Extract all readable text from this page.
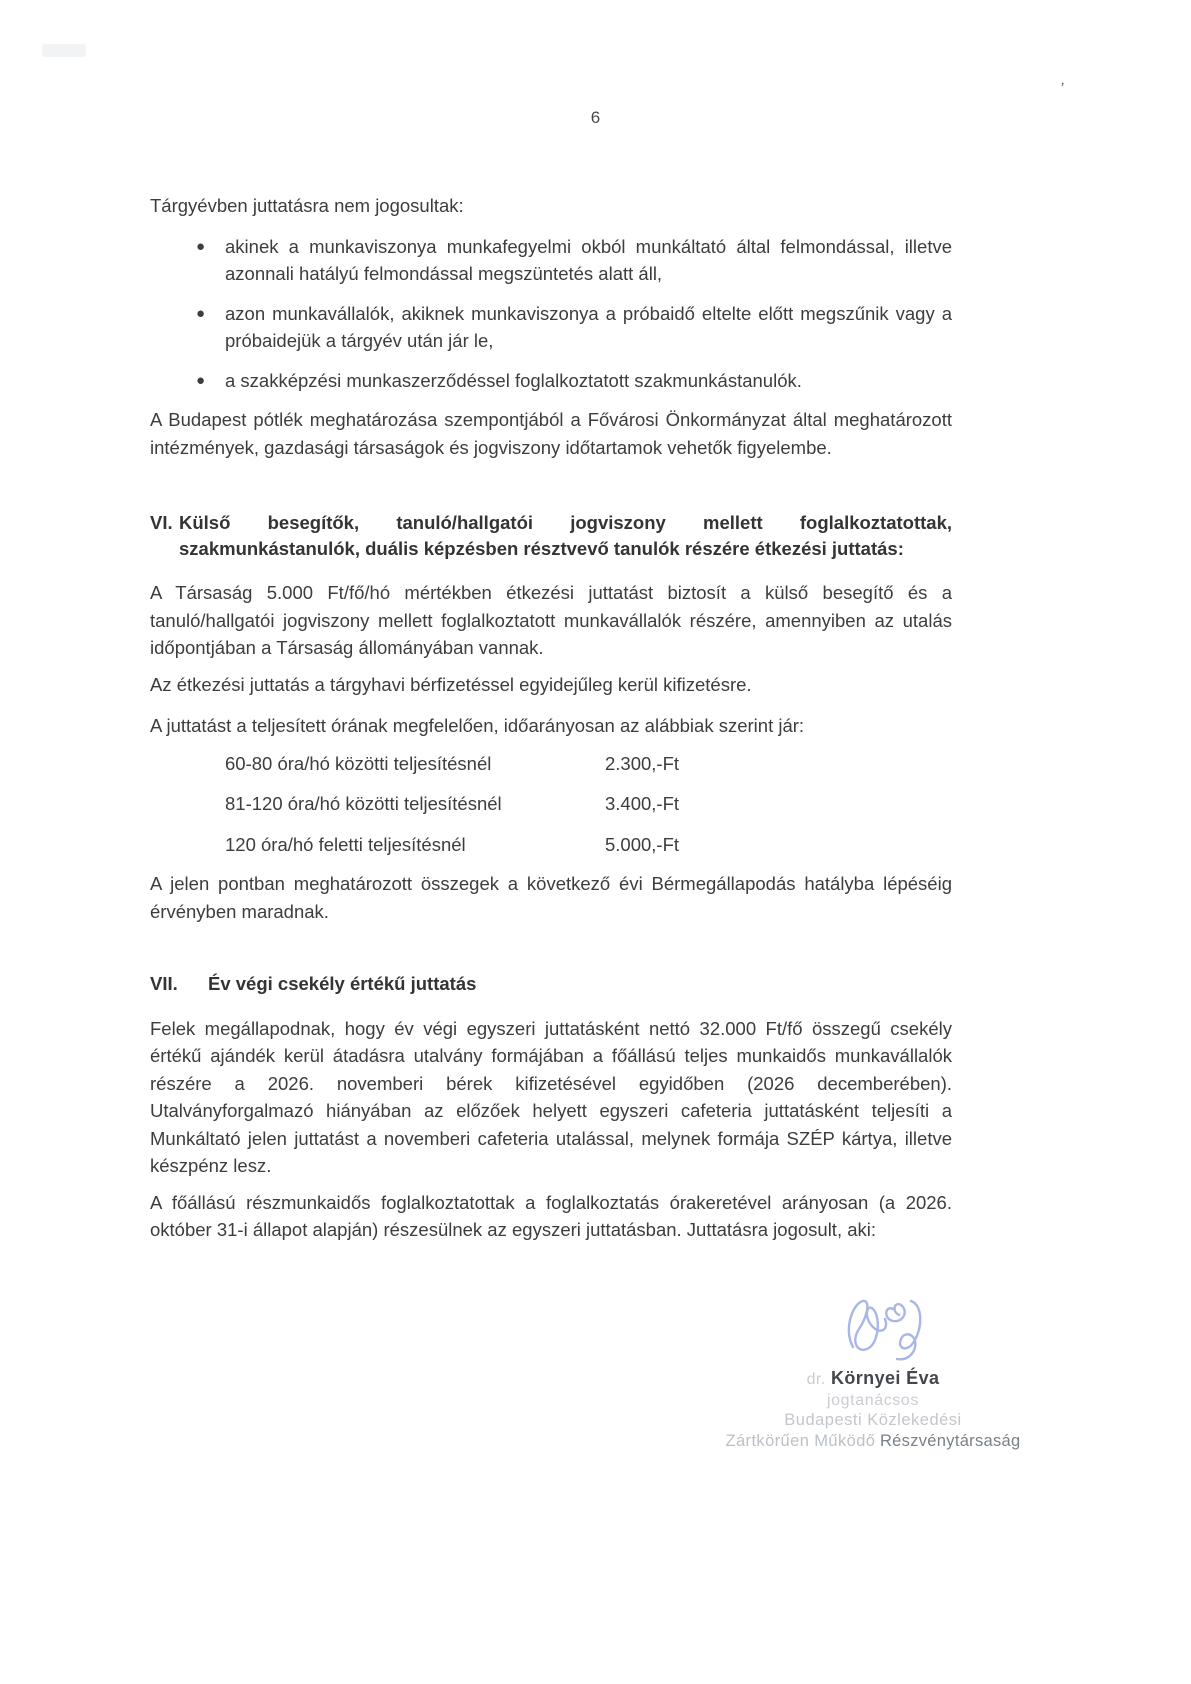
6
’

Tárgyévben juttatásra nem jogosultak:

● akinek a munkaviszonya munkafegyelmi okból munkáltató által felmondással, illetve azonnali hatályú felmondással megszüntetés alatt áll,
● azon munkavállalók, akiknek munkaviszonya a próbaidő eltelte előtt megszűnik vagy a próbaidejük a tárgyév után jár le,
● a szakképzési munkaszerződéssel foglalkoztatott szakmunkástanulók.

A Budapest pótlék meghatározása szempontjából a Fővárosi Önkormányzat által meghatározott intézmények, gazdasági társaságok és jogviszony időtartamok vehetők figyelembe.

VI. Külső besegítők, tanuló/hallgatói jogviszony mellett foglalkoztatottak,
szakmunkástanulók, duális képzésben résztvevő tanulók részére étkezési juttatás:

A Társaság 5.000 Ft/fő/hó mértékben étkezési juttatást biztosít a külső besegítő és a tanuló/hallgatói jogviszony mellett foglalkoztatott munkavállalók részére, amennyiben az utalás időpontjában a Társaság állományában vannak.

Az étkezési juttatás a tárgyhavi bérfizetéssel egyidejűleg kerül kifizetésre.

A juttatást a teljesített órának megfelelően, időarányosan az alábbiak szerint jár:

60-80 óra/hó közötti teljesítésnél	2.300,-Ft
81-120 óra/hó közötti teljesítésnél	3.400,-Ft
120 óra/hó feletti teljesítésnél	5.000,-Ft

A jelen pontban meghatározott összegek a következő évi Bérmegállapodás hatályba lépéséig érvényben maradnak.

VII. Év végi csekély értékű juttatás

Felek megállapodnak, hogy év végi egyszeri juttatásként nettó 32.000 Ft/fő összegű csekély értékű ajándék kerül átadásra utalvány formájában a főállású teljes munkaidős munkavállalók részére a 2026. novemberi bérek kifizetésével egyidőben (2026 decemberében). Utalványforgalmazó hiányában az előzőek helyett egyszeri cafeteria juttatásként teljesíti a Munkáltató jelen juttatást a novemberi cafeteria utalással, melynek formája SZÉP kártya, illetve készpénz lesz.

A főállású részmunkaidős foglalkoztatottak a foglalkoztatás órakeretével arányosan (a 2026. október 31-i állapot alapján) részesülnek az egyszeri juttatásban. Juttatásra jogosult, aki:

dr. Környei Éva
jogtanácsos
Budapesti Közlekedési
Zártkörűen Működő Részvénytársaság
